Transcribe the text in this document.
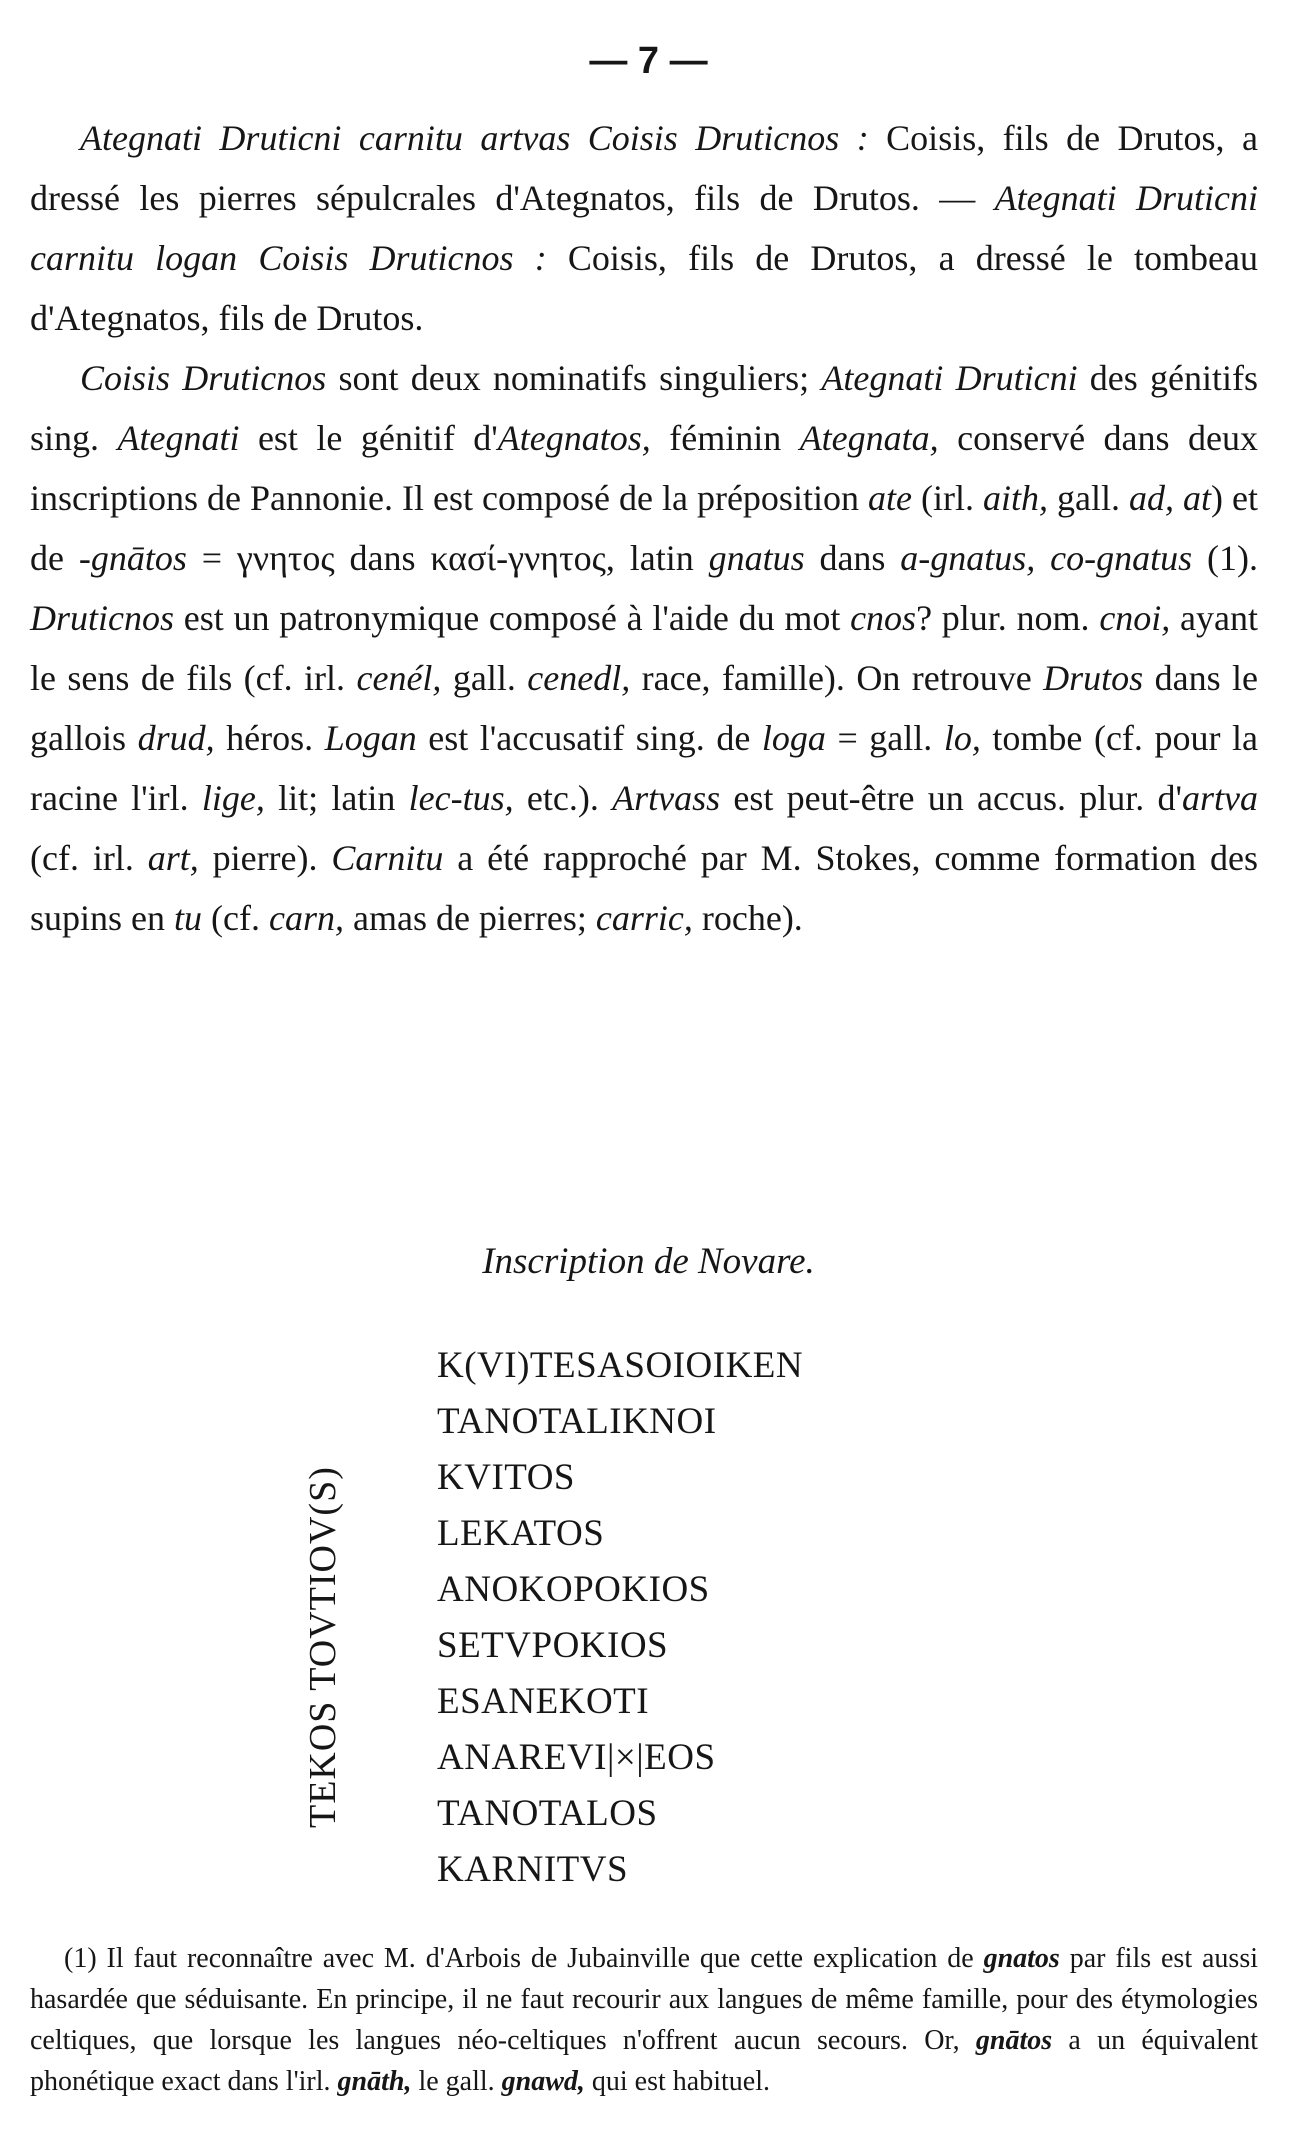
— 7 —

Ategnati Druticni carnitu artvas Coisis Druticnos : Coisis, fils de Drutos, a dressé les pierres sépulcrales d'Ategnatos, fils de Drutos. — Ategnati Druticni carnitu logan Coisis Druticnos : Coisis, fils de Drutos, a dressé le tombeau d'Ategnatos, fils de Drutos.

Coisis Druticnos sont deux nominatifs singuliers; Ategnati Druticni des génitifs sing. Ategnati est le génitif d'Ategnatos, féminin Ategnata, conservé dans deux inscriptions de Pannonie. Il est composé de la préposition ate (irl. aith, gall. ad, at) et de -gnātos = γνητος dans κασί-γνητος, latin gnatus dans a-gnatus, co-gnatus (1). Druticnos est un patronymique composé à l'aide du mot cnos? plur. nom. cnoi, ayant le sens de fils (cf. irl. cenél, gall. cenedl, race, famille). On retrouve Drutos dans le gallois drud, héros. Logan est l'accusatif sing. de loga = gall. lo, tombe (cf. pour la racine l'irl. lige, lit; latin lec-tus, etc.). Artvass est peut-être un accus. plur. d'artva (cf. irl. art, pierre). Carnitu a été rapproché par M. Stokes, comme formation des supins en tu (cf. carn, amas de pierres; carric, roche).

Inscription de Novare.
TEKOS TOVTIOV(S)
K(VI)TESASOIOIKEN
TANOTALIKNOI
KVITOS
LEKATOS
ANOKOPOKIOS
SETVPOKIOS
ESANEKOTI
ANAREVI|×|EOS
TANOTALOS
KARNITVS

(1) Il faut reconnaître avec M. d'Arbois de Jubainville que cette explication de gnatos par fils est aussi hasardée que séduisante. En principe, il ne faut recourir aux langues de même famille, pour des étymologies celtiques, que lorsque les langues néo-celtiques n'offrent aucun secours. Or, gnātos a un équivalent phonétique exact dans l'irl. gnāth, le gall. gnawd, qui est habituel.
